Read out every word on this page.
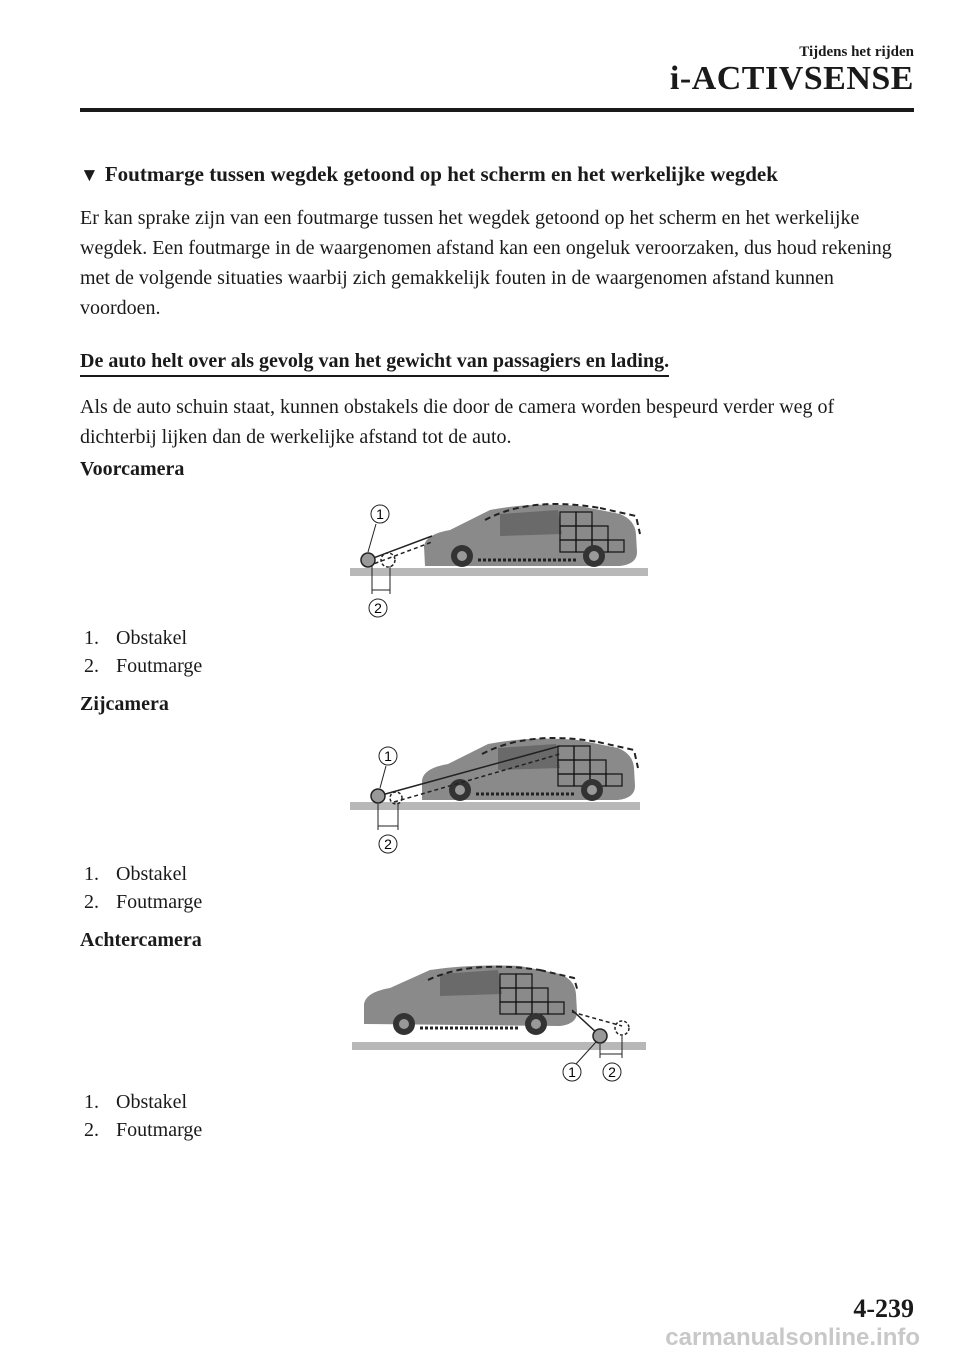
Tijdens het rijden
i-ACTIVSENSE
▼ Foutmarge tussen wegdek getoond op het scherm en het werkelijke wegdek

Er kan sprake zijn van een foutmarge tussen het wegdek getoond op het scherm en het werkelijke wegdek. Een foutmarge in de waargenomen afstand kan een ongeluk veroorzaken, dus houd rekening met de volgende situaties waarbij zich gemakkelijk fouten in de waargenomen afstand kunnen voordoen.

De auto helt over als gevolg van het gewicht van passagiers en lading.

Als de auto schuin staat, kunnen obstakels die door de camera worden bespeurd verder weg of dichterbij lijken dan de werkelijke afstand tot de auto.

Voorcamera
1
2
1. Obstakel
2. Foutmarge
Zijcamera
1
2
1. Obstakel
2. Foutmarge
Achtercamera
1 2
1. Obstakel
2. Foutmarge
4-239
carmanualsonline.info
